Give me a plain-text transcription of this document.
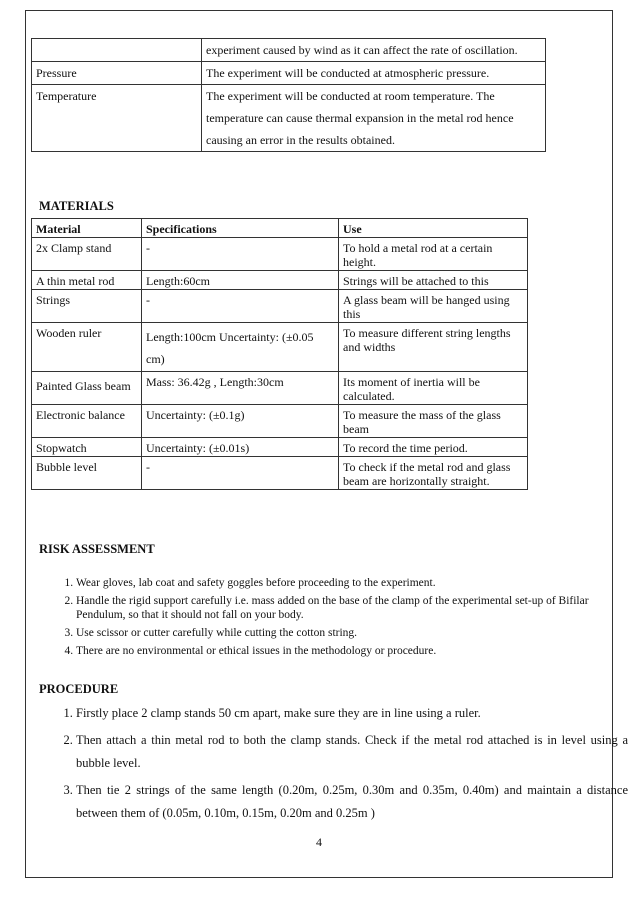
	experiment caused by wind as it can affect the rate of oscillation.
Pressure	The experiment will be conducted at atmospheric pressure.
Temperature	The experiment will be conducted at room temperature. The temperature can cause thermal expansion in the metal rod hence causing an error in the results obtained.
MATERIALS
Material	Specifications	Use
2x Clamp stand	-	To hold a metal rod at a certain height.
A thin metal rod	Length:60cm	Strings will be attached to this
Strings	-	A glass beam will be hanged using this
Wooden ruler	Length:100cm Uncertainty: (±0.05 cm)	To measure different string lengths and widths
Painted Glass beam	Mass: 36.42g , Length:30cm	Its moment of inertia will be calculated.
Electronic balance	Uncertainty: (±0.1g)	To measure the mass of the glass beam
Stopwatch	Uncertainty: (±0.01s)	To record the time period.
Bubble level	-	To check if the metal rod and glass beam are horizontally straight.
RISK ASSESSMENT
1. Wear gloves, lab coat and safety goggles before proceeding to the experiment.
2. Handle the rigid support carefully i.e. mass added on the base of the clamp of the experimental set-up of Bifilar Pendulum, so that it should not fall on your body.
3. Use scissor or cutter carefully while cutting the cotton string.
4. There are no environmental or ethical issues in the methodology or procedure.
PROCEDURE
1. Firstly place 2 clamp stands 50 cm apart, make sure they are in line using a ruler.
2. Then attach a thin metal rod to both the clamp stands. Check if the metal rod attached is in level using a bubble level.
3. Then tie 2 strings of the same length (0.20m, 0.25m, 0.30m and 0.35m, 0.40m) and maintain a distance between them of (0.05m, 0.10m, 0.15m, 0.20m and 0.25m )
4
